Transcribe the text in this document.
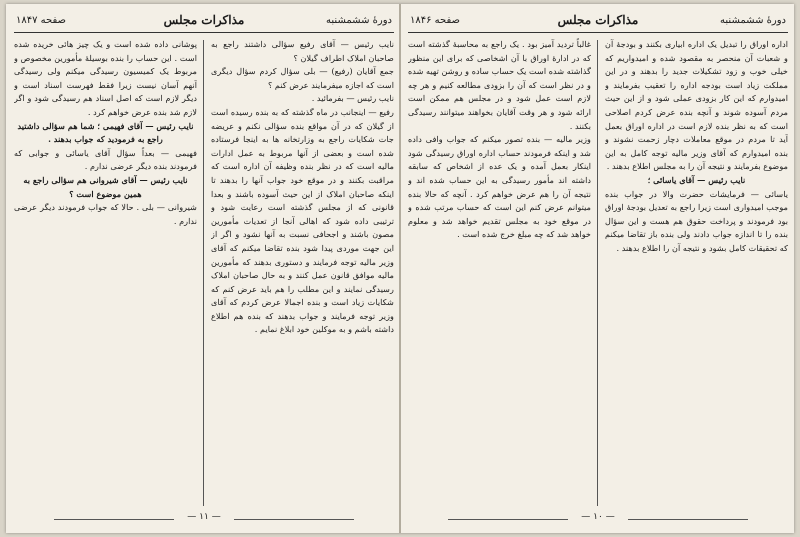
دورهٔ ششمشنبه
مذاکرات مجلس
صفحه ۱۸۴۷

نایب رئیس — آقای رفیع سؤالی داشتند راجع به صاحبان املاک اطراف گیلان ؟

جمع آقایان (رفیع) — بلی سؤال کردم سؤال دیگری است که اجازه میفرمایند عرض کنم ؟

نایب رئیس — بفرمائید .

رفیع — اینجانب در ماه گذشته که به بنده رسیده است از گیلان که در آن مواقع بنده سؤالی نکنم و عریضه جات شکایات راجع به وزارتخانه ها به اینجا فرستاده شده است و بعضی از آنها مربوط به عمل ادارات مالیه است که در نظر بنده وظیفه آن اداره است که مراقبت بکنند و در موقع خود جواب آنها را بدهند تا اینکه صاحبان املاک از این حیث آسوده باشند و بعدا قانونی که از مجلس گذشته است رعایت شود و ترتیبی داده شود که اهالی آنجا از تعدیات مأمورین مصون باشند و اجحافی نسبت به آنها نشود و اگر از این جهت موردی پیدا شود بنده تقاضا میکنم که آقای وزیر مالیه توجه فرمایند و دستوری بدهند که مأمورین مالیه موافق قانون عمل کنند و به حال صاحبان املاک رسیدگی نمایند و این مطلب را هم باید عرض کنم که شکایات زیاد است و بنده اجمالا عرض کردم که آقای وزیر توجه فرمایند و جواب بدهند که بنده هم اطلاع داشته باشم و به موکلین خود ابلاغ نمایم .

پوشانی داده شده است و یک چیز هائی خریده شده است . این حساب را بنده بوسیلهٔ مأمورین مخصوص و مربوط یک کمیسیون رسیدگی میکنم ولی رسیدگی آنهم آسان نیست زیرا فقط فهرست اسناد است و دیگر لازم است که اصل اسناد هم رسیدگی شود و اگر لازم شد بنده عرض خواهم کرد .

نایب رئیس — آقای فهیمی ؛ شما هم سؤالی داشتید راجع به فرمودید که جواب بدهند .

فهیمی — بعداً سؤال آقای یاسائی و جوابی که فرمودند بنده دیگر عرضی ندارم .

نایب رئیس — آقای شیروانی هم سؤالی راجع به همین موضوع است ؟

شیروانی — بلی . حالا که جواب فرمودند دیگر عرضی ندارم .

— ۱۱ —
دورهٔ ششمشنبه
مذاکرات مجلس
صفحه ۱۸۴۶

اداره اوراق را تبدیل یک اداره ابیاری بکنند و بودجهٔ آن و شعبات آن منحصر به مقصود شده و امیدواریم که خیلی خوب و زود تشکیلات جدید را بدهند و در این مملکت زیاد است بودجه اداره را تعقیب بفرمایند و امیدوارم که این کار بزودی عملی شود و از این حیث مردم آسوده شوند و آنچه بنده عرض کردم اصلاحی است که به نظر بنده لازم است در اداره اوراق بعمل آید تا مردم در موقع معاملات دچار زحمت نشوند و بنده امیدوارم که آقای وزیر مالیه توجه کامل به این موضوع بفرمایند و نتیجه آن را به مجلس اطلاع بدهند .

نایب رئیس — آقای یاسائی ؛

یاسائی — فرمایشات حضرت والا در جواب بنده موجب امیدواری است زیرا راجع به تعدیل بودجهٔ اوراق بود فرمودند و پرداخت حقوق هم هست و این سؤال بنده را تا اندازه جواب دادند ولی بنده باز تقاضا میکنم که تحقیقات کامل بشود و نتیجه آن را اطلاع بدهند .

غالباً تردید آمیز بود . یک راجع به محاسبهٔ گذشته است که در ادارهٔ اوراق با آن اشخاصی که برای این منظور گذاشته شده است یک حساب ساده و روشن تهیه شده و در نظر است که آن را بزودی مطالعه کنیم و هر چه لازم است عمل شود و در مجلس هم ممکن است ارائه شود و هر وقت آقایان بخواهند میتوانند رسیدگی بکنند .

وزیر مالیه — بنده تصور میکنم که جواب وافی داده شد و اینکه فرمودند حساب اداره اوراق رسیدگی شود اینکار بعمل آمده و یک عده از اشخاص که سابقه داشته اند مأمور رسیدگی به این حساب شده اند و نتیجه آن را هم عرض خواهم کرد . آنچه که حالا بنده میتوانم عرض کنم این است که حساب مرتب شده و در موقع خود به مجلس تقدیم خواهد شد و معلوم خواهد شد که چه مبلغ خرج شده است .

— ۱۰ —
